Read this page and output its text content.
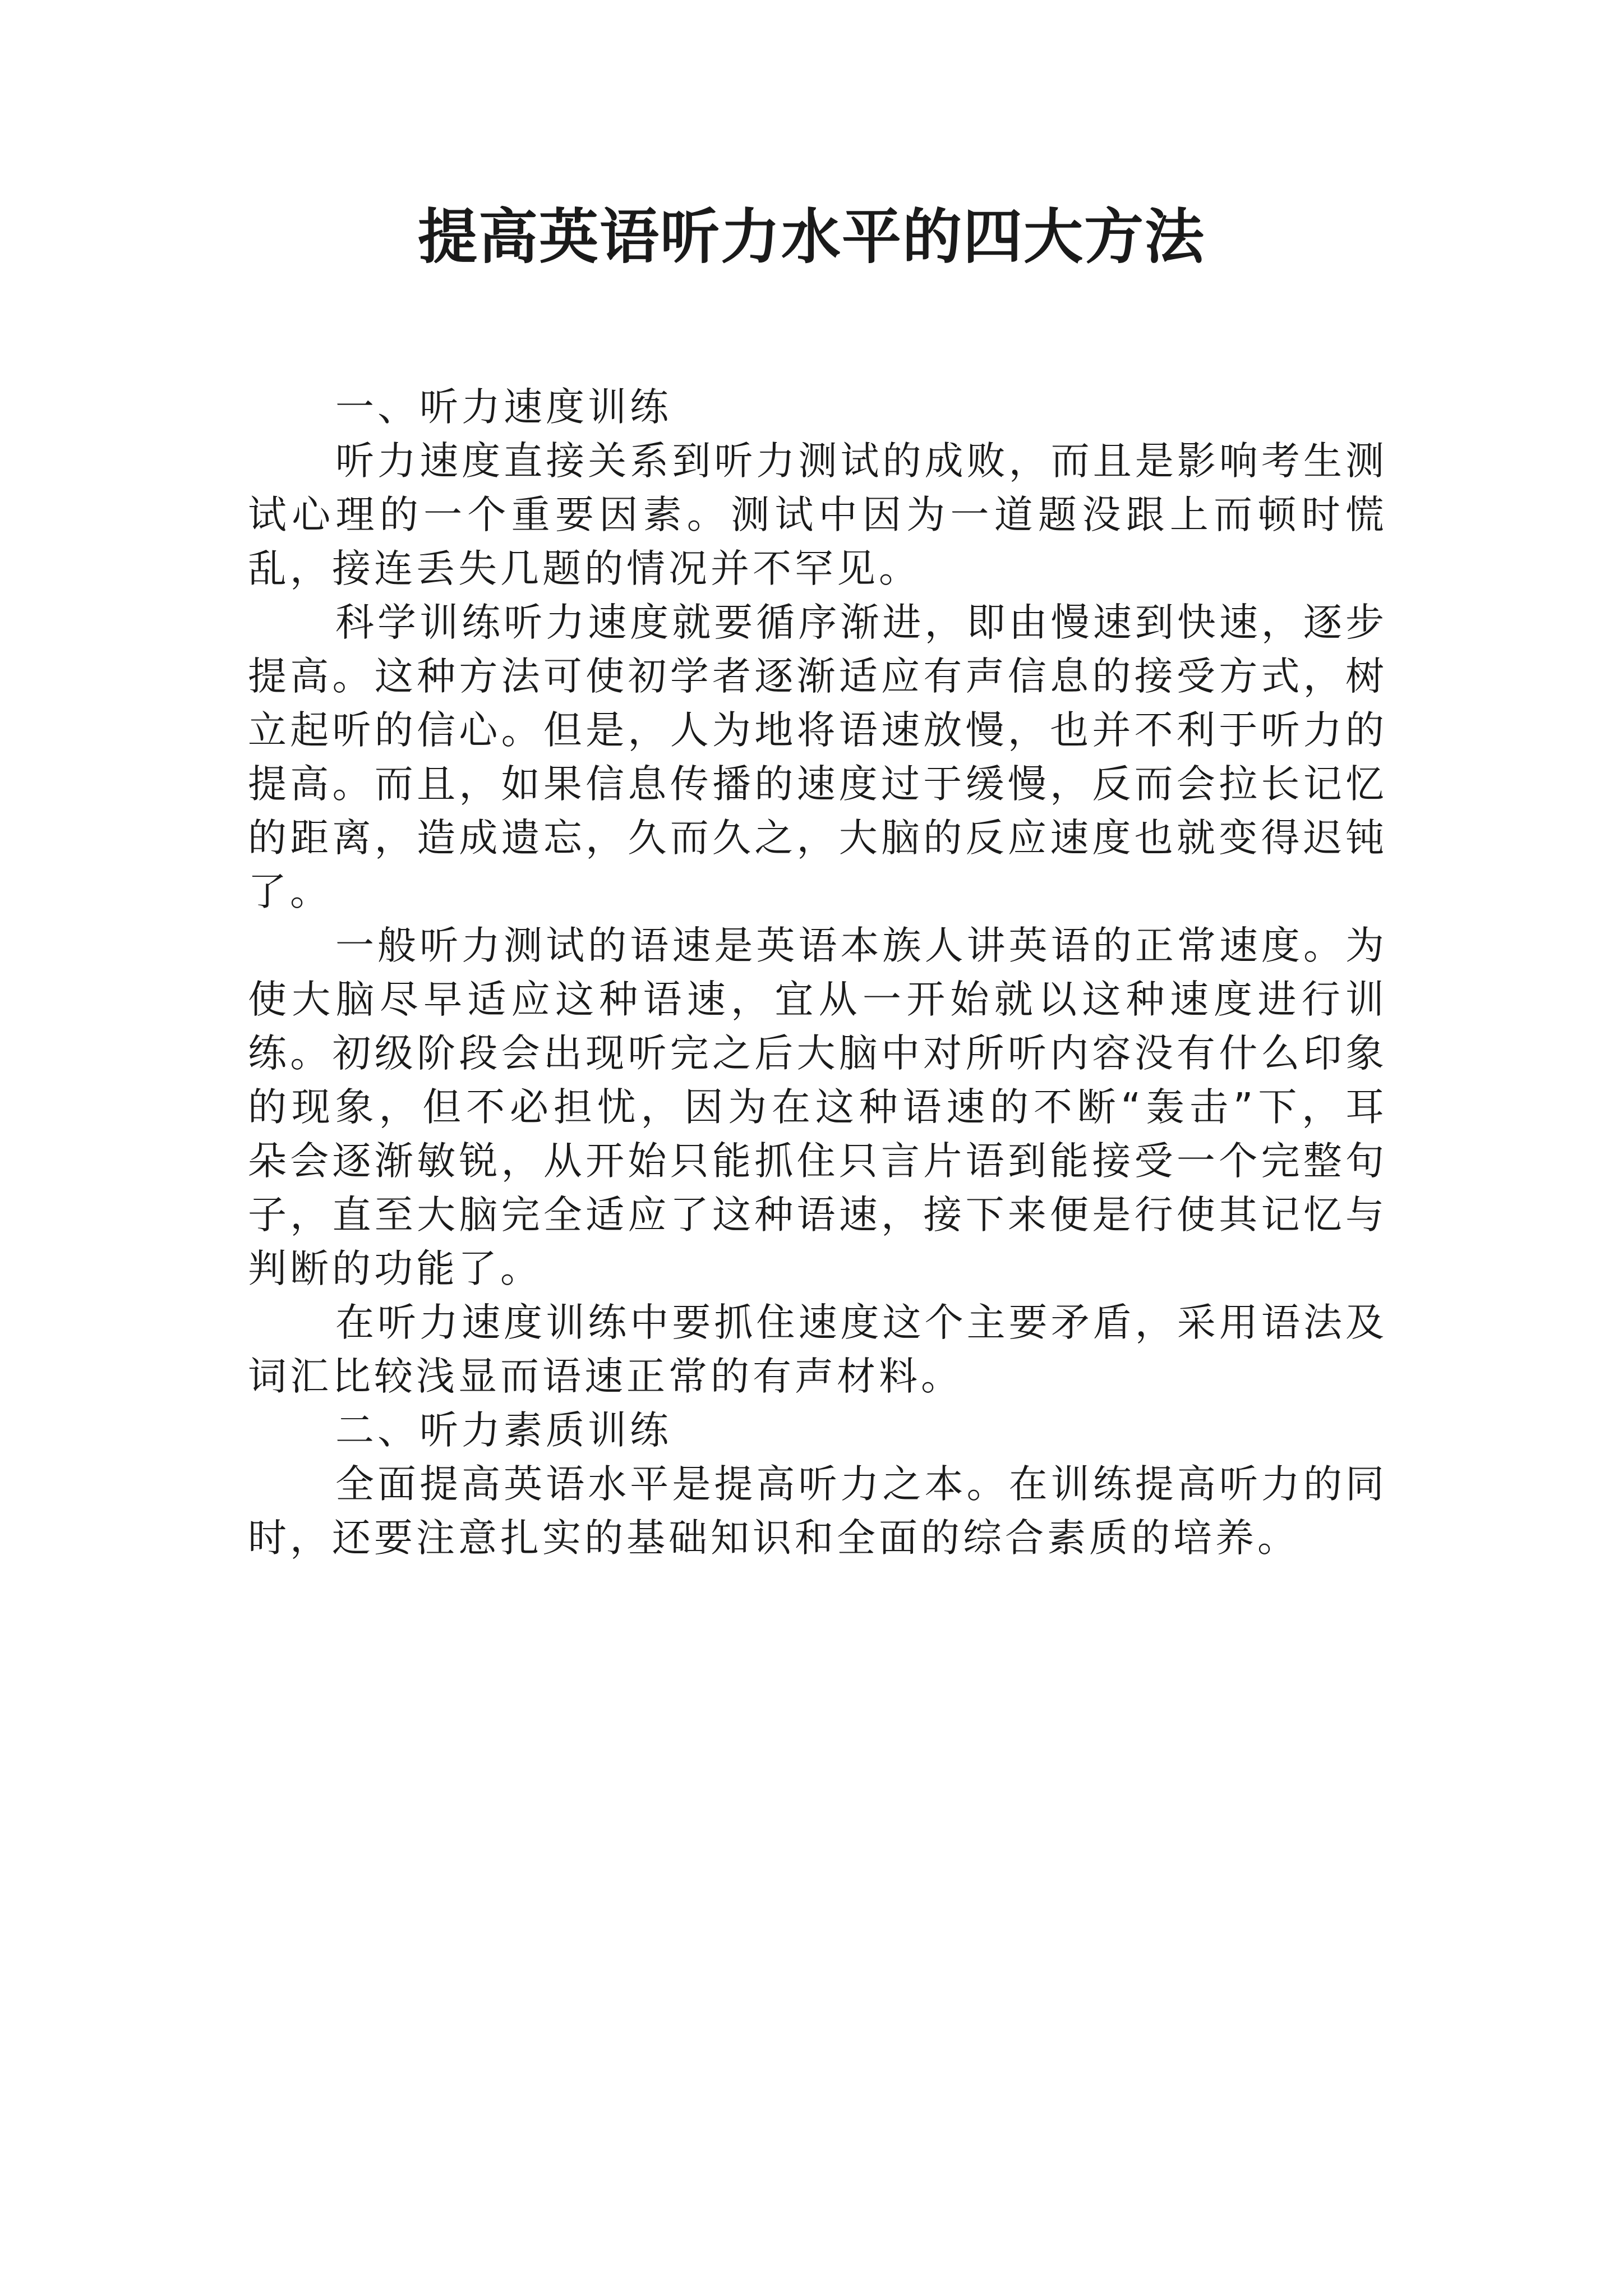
提高英语听力水平的四大方法

一、听力速度训练

听力速度直接关系到听力测试的成败，而且是影响考生测试心理的一个重要因素。测试中因为一道题没跟上而顿时慌乱，接连丢失几题的情况并不罕见。

科学训练听力速度就要循序渐进，即由慢速到快速，逐步提高。这种方法可使初学者逐渐适应有声信息的接受方式，树立起听的信心。但是，人为地将语速放慢，也并不利于听力的提高。而且，如果信息传播的速度过于缓慢，反而会拉长记忆的距离，造成遗忘，久而久之，大脑的反应速度也就变得迟钝了。

一般听力测试的语速是英语本族人讲英语的正常速度。为使大脑尽早适应这种语速，宜从一开始就以这种速度进行训练。初级阶段会出现听完之后大脑中对所听内容没有什么印象的现象，但不必担忧，因为在这种语速的不断“轰击”下，耳朵会逐渐敏锐，从开始只能抓住只言片语到能接受一个完整句子，直至大脑完全适应了这种语速，接下来便是行使其记忆与判断的功能了。

在听力速度训练中要抓住速度这个主要矛盾，采用语法及词汇比较浅显而语速正常的有声材料。

二、听力素质训练

全面提高英语水平是提高听力之本。在训练提高听力的同时，还要注意扎实的基础知识和全面的综合素质的培养。
